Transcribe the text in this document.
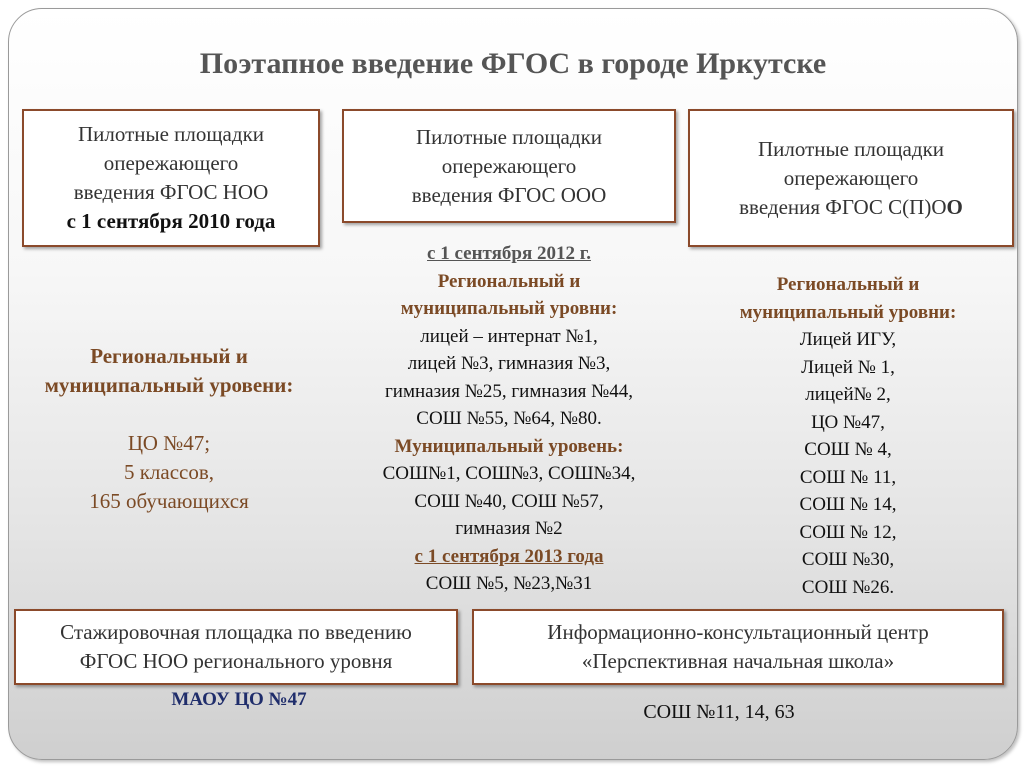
Поэтапное введение ФГОС в городе Иркутске
Пилотные площадки
опережающего
введения ФГОС НОО
с 1 сентября 2010 года
Пилотные площадки
опережающего
введения ФГОС ООО
Пилотные площадки
опережающего
введения ФГОС С(П)ОО
Региональный и
муниципальный уровени:
ЦО №47;
5 классов,
165 обучающихся
с 1 сентября 2012 г.
Региональный и
муниципальный уровни:
лицей – интернат №1,
лицей №3, гимназия №3,
гимназия №25, гимназия №44,
СОШ №55, №64, №80.
Муниципальный уровень:
СОШ№1, СОШ№3, СОШ№34,
СОШ №40, СОШ №57,
гимназия №2
с 1 сентября 2013 года
СОШ №5, №23,№31
Региональный и
муниципальный уровни:
Лицей ИГУ,
Лицей № 1,
лицей№ 2,
ЦО №47,
СОШ № 4,
СОШ № 11,
СОШ № 14,
СОШ № 12,
СОШ №30,
СОШ №26.
Стажировочная площадка по введению
ФГОС НОО регионального уровня
МАОУ ЦО №47
Информационно-консультационный центр
«Перспективная начальная школа»
СОШ №11, 14, 63
